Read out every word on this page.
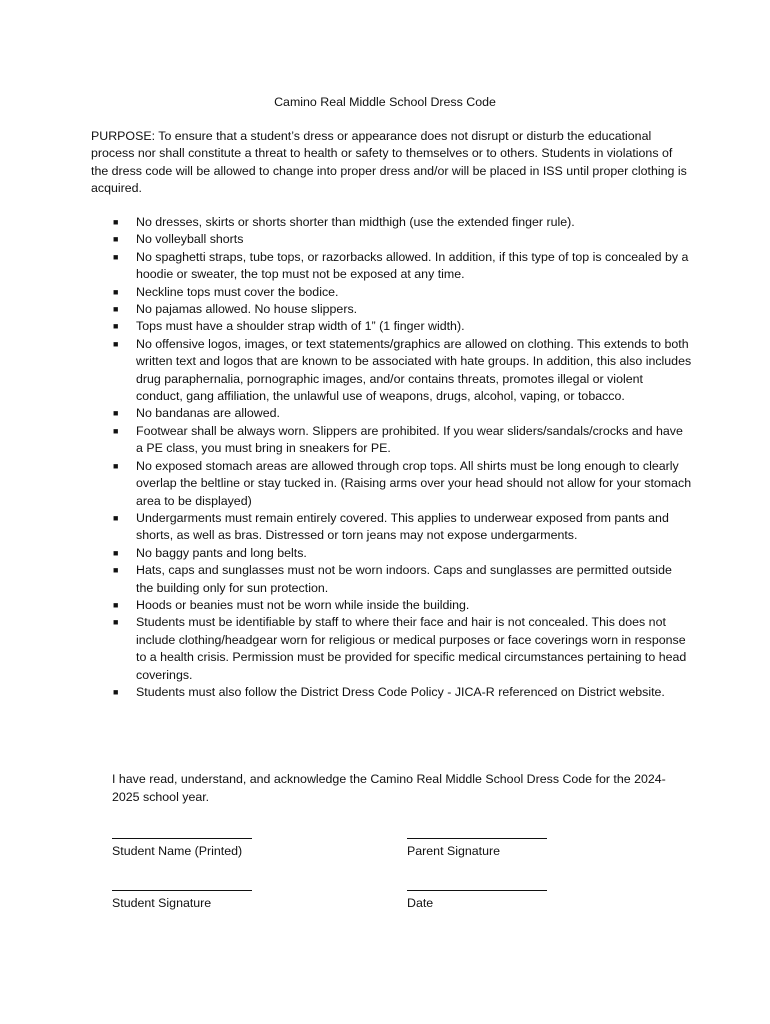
Camino Real Middle School Dress Code

PURPOSE: To ensure that a student’s dress or appearance does not disrupt or disturb the educational process nor shall constitute a threat to health or safety to themselves or to others. Students in violations of the dress code will be allowed to change into proper dress and/or will be placed in ISS until proper clothing is acquired.

■ No dresses, skirts or shorts shorter than midthigh (use the extended finger rule).
■ No volleyball shorts
■ No spaghetti straps, tube tops, or razorbacks allowed. In addition, if this type of top is concealed by a hoodie or sweater, the top must not be exposed at any time.
■ Neckline tops must cover the bodice.
■ No pajamas allowed. No house slippers.
■ Tops must have a shoulder strap width of 1” (1 finger width).
■ No offensive logos, images, or text statements/graphics are allowed on clothing. This extends to both written text and logos that are known to be associated with hate groups. In addition, this also includes drug paraphernalia, pornographic images, and/or contains threats, promotes illegal or violent conduct, gang affiliation, the unlawful use of weapons, drugs, alcohol, vaping, or tobacco.
■ No bandanas are allowed.
■ Footwear shall be always worn. Slippers are prohibited. If you wear sliders/sandals/crocks and have a PE class, you must bring in sneakers for PE.
■ No exposed stomach areas are allowed through crop tops. All shirts must be long enough to clearly overlap the beltline or stay tucked in. (Raising arms over your head should not allow for your stomach area to be displayed)
■ Undergarments must remain entirely covered. This applies to underwear exposed from pants and shorts, as well as bras. Distressed or torn jeans may not expose undergarments.
■ No baggy pants and long belts.
■ Hats, caps and sunglasses must not be worn indoors. Caps and sunglasses are permitted outside the building only for sun protection.
■ Hoods or beanies must not be worn while inside the building.
■ Students must be identifiable by staff to where their face and hair is not concealed. This does not include clothing/headgear worn for religious or medical purposes or face coverings worn in response to a health crisis. Permission must be provided for specific medical circumstances pertaining to head coverings.
■ Students must also follow the District Dress Code Policy - JICA-R referenced on District website.

I have read, understand, and acknowledge the Camino Real Middle School Dress Code for the 2024-2025 school year.

Student Name (Printed)	Parent Signature
Student Signature	Date
